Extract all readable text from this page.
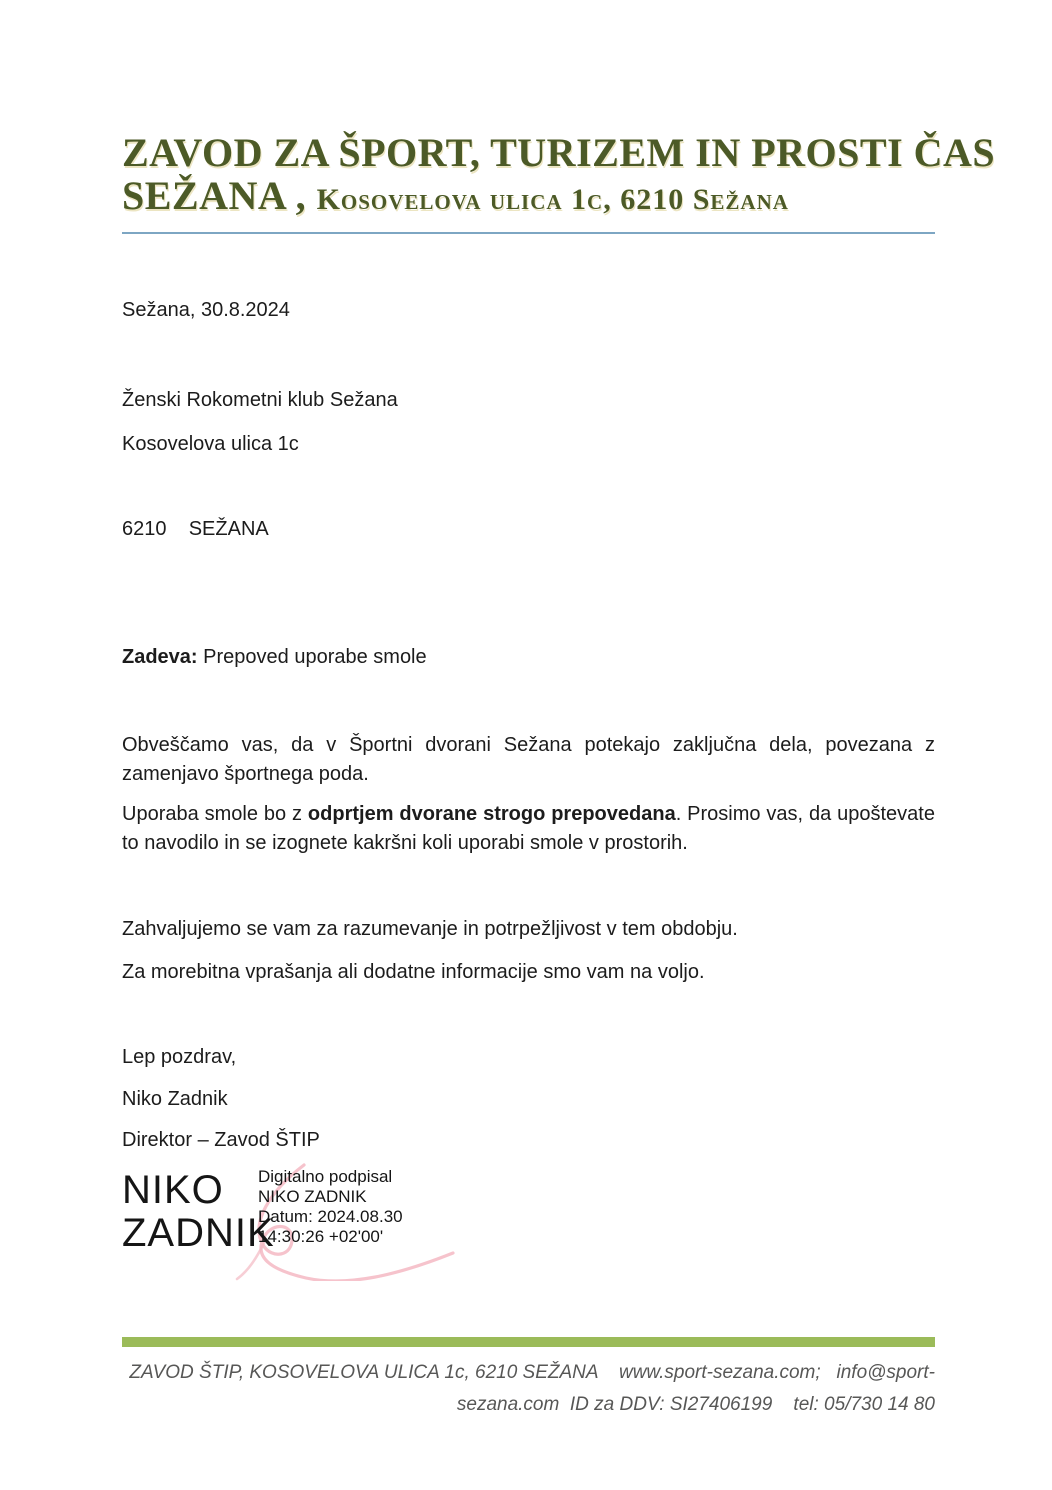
ZAVOD ZA ŠPORT, TURIZEM IN PROSTI ČAS
SEŽANA , Kosovelova ulica 1c, 6210 Sežana

Sežana, 30.8.2024

Ženski Rokometni klub Sežana

Kosovelova ulica 1c

6210    SEŽANA

Zadeva: Prepoved uporabe smole

Obveščamo vas, da v Športni dvorani Sežana potekajo zaključna dela, povezana z zamenjavo športnega poda.

Uporaba smole bo z odprtjem dvorane strogo prepovedana. Prosimo vas, da upoštevate to navodilo in se izognete kakršni koli uporabi smole v prostorih.

Zahvaljujemo se vam za razumevanje in potrpežljivost v tem obdobju.

Za morebitna vprašanja ali dodatne informacije smo vam na voljo.

Lep pozdrav,

Niko Zadnik

Direktor – Zavod ŠTIP

NIKO
ZADNIK
Digitalno podpisal
NIKO ZADNIK
Datum: 2024.08.30
14:30:26 +02'00'
ZAVOD ŠTIP, KOSOVELOVA ULICA 1c, 6210 SEŽANA    www.sport-sezana.com;   info@sport-
sezana.com  ID za DDV: SI27406199    tel: 05/730 14 80
